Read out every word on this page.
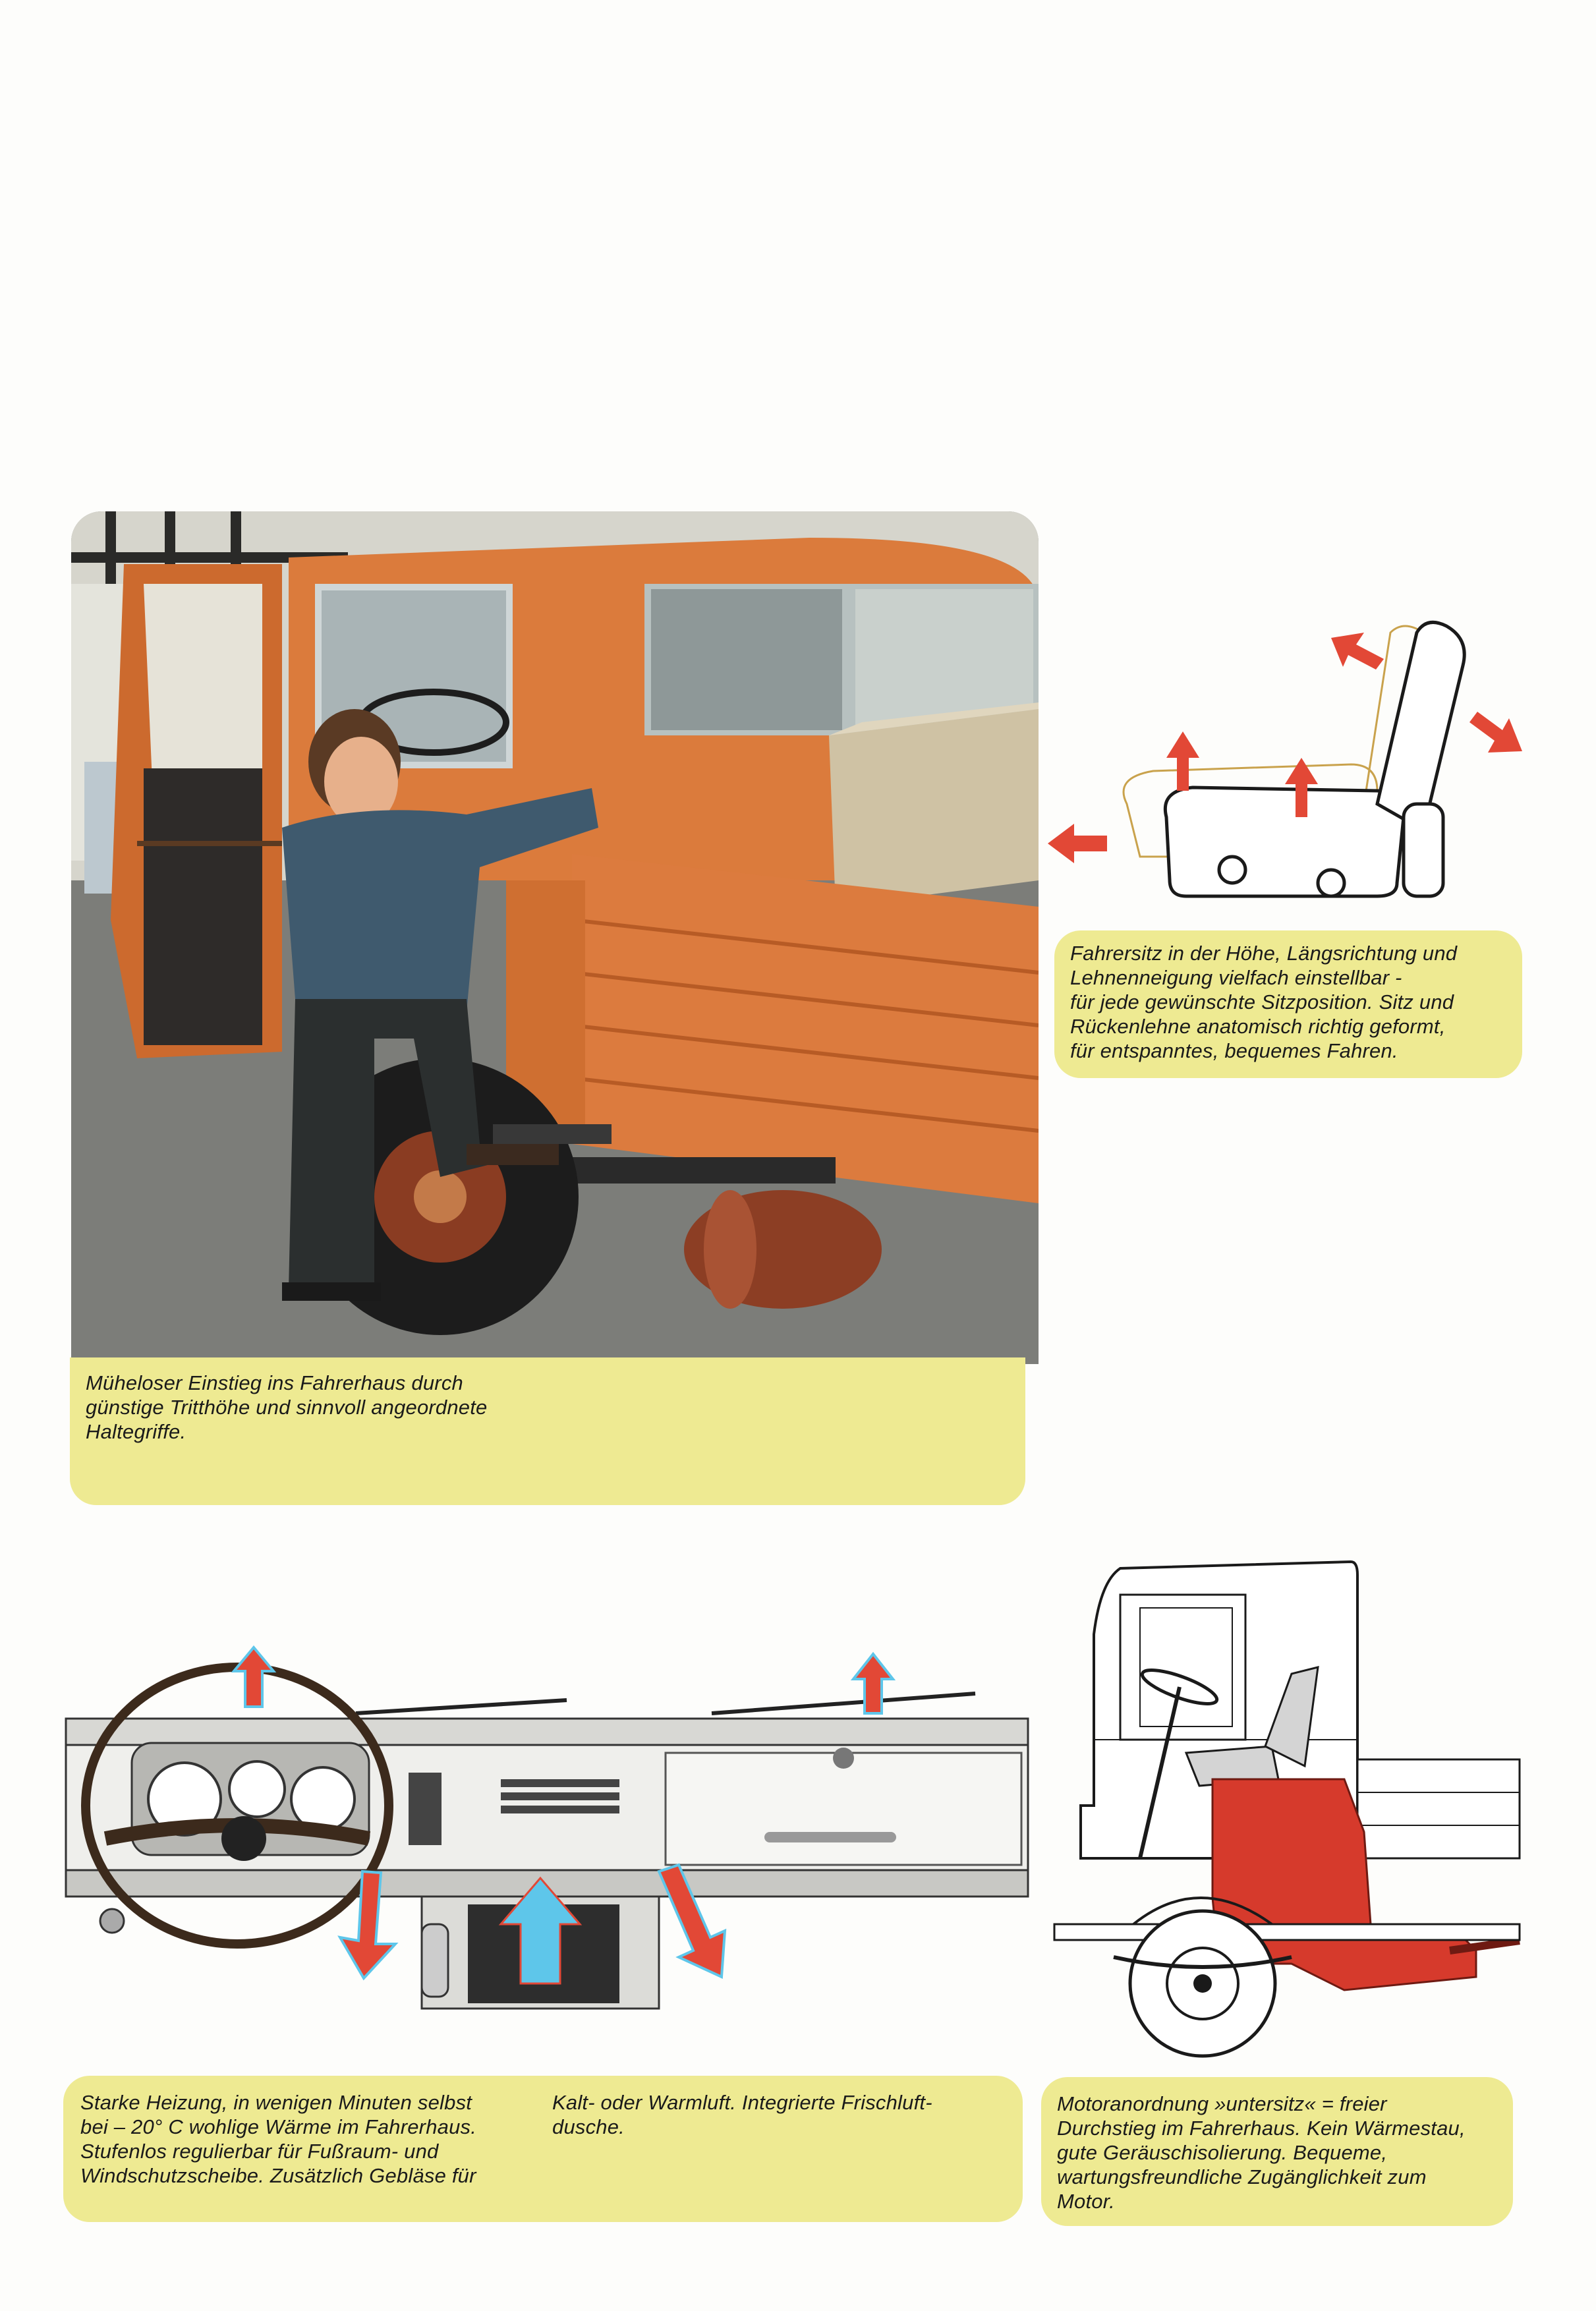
Müheloser Einstieg ins Fahrerhaus durch
günstige Tritthöhe und sinnvoll angeordnete
Haltegriffe.

Fahrersitz in der Höhe, Längsrichtung und
Lehnenneigung vielfach einstellbar -
für jede gewünschte Sitzposition. Sitz und
Rückenlehne anatomisch richtig geformt,
für entspanntes, bequemes Fahren.

Starke Heizung, in wenigen Minuten selbst
bei – 20° C wohlige Wärme im Fahrerhaus.
Stufenlos regulierbar für Fußraum- und
Windschutzscheibe. Zusätzlich Gebläse für

Kalt- oder Warmluft. Integrierte Frischluft-
dusche.

Motoranordnung »untersitz« = freier
Durchstieg im Fahrerhaus. Kein Wärmestau,
gute Geräuschisolierung. Bequeme,
wartungsfreundliche Zugänglichkeit zum
Motor.
